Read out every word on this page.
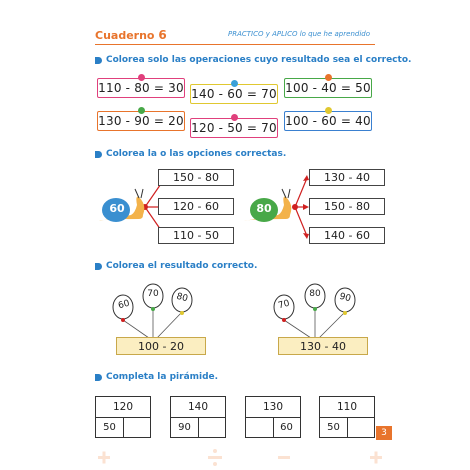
Cuaderno 6	PRACTICO y APLICO lo que he aprendido
Colorea solo las operaciones cuyo resultado sea el correcto.
110 - 80 = 30 140 - 60 = 70 100 - 40 = 50
130 - 90 = 20 120 - 50 = 70 100 - 60 = 40
Colorea la o las opciones correctas.
60
150 - 80
120 - 60
110 - 50
80
130 - 40
150 - 80
140 - 60
Colorea el resultado correcto.
60
70	80
100 - 20
70
80	90
130 - 40
Completa la pirámide.
120
50
140
90
130
60
110
50
3
